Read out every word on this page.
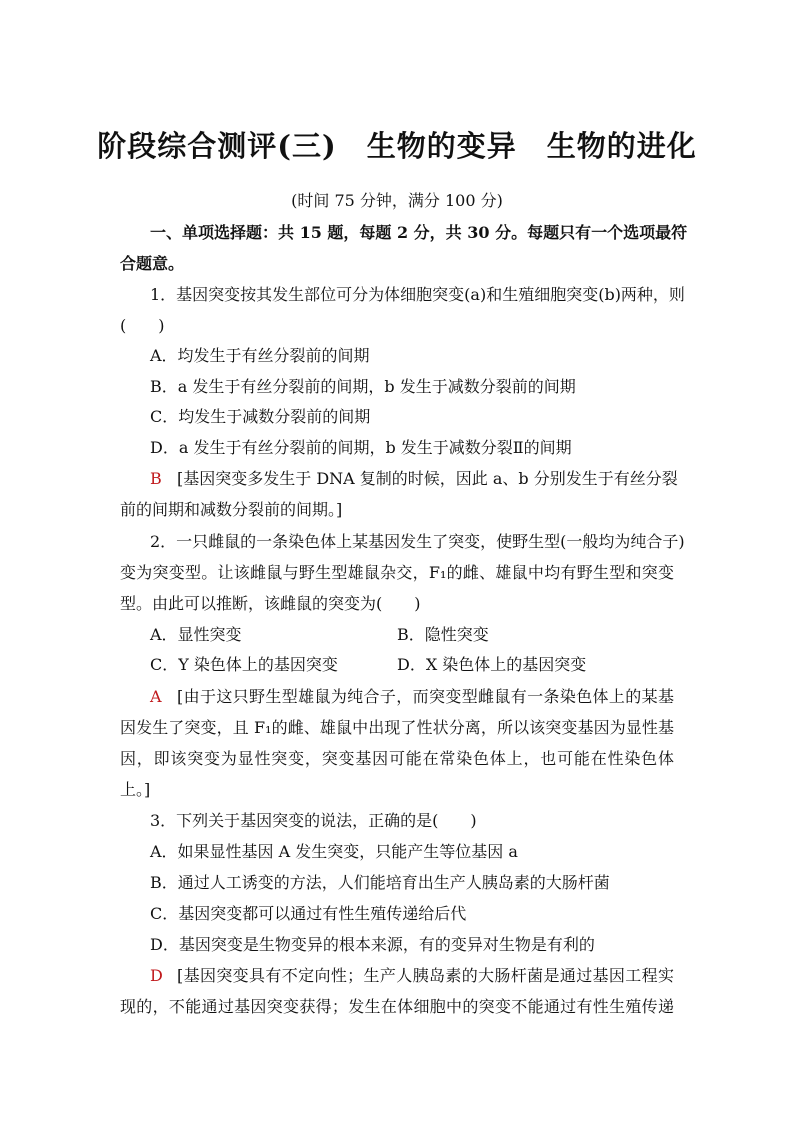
阶段综合测评(三)　生物的变异　生物的进化
(时间 75 分钟，满分 100 分)
一、单项选择题：共 15 题，每题 2 分，共 30 分。每题只有一个选项最符
合题意。
1．基因突变按其发生部位可分为体细胞突变(a)和生殖细胞突变(b)两种，则
(　　)
A．均发生于有丝分裂前的间期
B．a 发生于有丝分裂前的间期，b 发生于减数分裂前的间期
C．均发生于减数分裂前的间期
D．a 发生于有丝分裂前的间期，b 发生于减数分裂Ⅱ的间期
B [基因突变多发生于 DNA 复制的时候，因此 a、b 分别发生于有丝分裂
前的间期和减数分裂前的间期。]
2．一只雌鼠的一条染色体上某基因发生了突变，使野生型(一般均为纯合子)
变为突变型。让该雌鼠与野生型雄鼠杂交，F₁的雌、雄鼠中均有野生型和突变
型。由此可以推断，该雌鼠的突变为(　　)
A．显性突变	B．隐性突变
C．Y 染色体上的基因突变	D．X 染色体上的基因突变
A [由于这只野生型雄鼠为纯合子，而突变型雌鼠有一条染色体上的某基
因发生了突变，且 F₁的雌、雄鼠中出现了性状分离，所以该突变基因为显性基
因，即该突变为显性突变，突变基因可能在常染色体上，也可能在性染色体
上。]
3．下列关于基因突变的说法，正确的是(　　)
A．如果显性基因 A 发生突变，只能产生等位基因 a
B．通过人工诱变的方法，人们能培育出生产人胰岛素的大肠杆菌
C．基因突变都可以通过有性生殖传递给后代
D．基因突变是生物变异的根本来源，有的变异对生物是有利的
D [基因突变具有不定向性；生产人胰岛素的大肠杆菌是通过基因工程实
现的，不能通过基因突变获得；发生在体细胞中的突变不能通过有性生殖传递
